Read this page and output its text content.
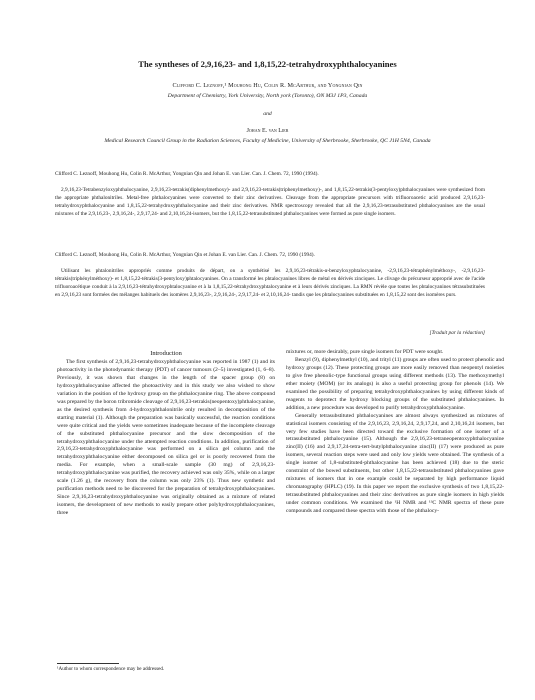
The syntheses of 2,9,16,23- and 1,8,15,22-tetrahydroxyphthalocyanines
Clifford C. Leznoff,¹ Mouhong Hu, Colin R. McArthur, and Yongnian Qin
Department of Chemistry, York University, North york (Toronto), ON M3J 1P3, Canada
and
Johan E. van Lier
Medical Research Council Group in the Radiation Sciences, Faculty of Medicine, University of Sherbrooke, Sherbrooke, QC J1H 5N4, Canada

Clifford C. Leznoff, Mouhong Hu, Colin R. McArthur, Yongnian Qin and Johan E. van Lier. Can. J. Chem. 72, 1990 (1994).

2,9,16,23-Tetrabenzyloxyphthalocyanine, 2,9,16,23-tetrakis(diphenylmethoxy)- and 2,9,16,23-tetrakis(triphenylmethoxy)-, and 1,8,15,22-tetrakis(3-pentyloxy)phthalocyanines were synthesized from the appropriate phthalonitriles. Metal-free phthalocyanines were converted to their zinc derivatives. Cleavage from the appropriate precursors with trifluoroacetic acid produced 2,9,16,23-tetrahydroxyphthalocyanine and 1,8,15,22-tetrahydroxyphthalocyanine and their zinc derivatives. NMR spectroscopy revealed that all the 2,9,16,23-tetrasubstituted phthalocyanines are the usual mixtures of the 2,9,16,23-, 2,9,16,24-, 2,9,17,24- and 2,10,16,24-isomers, but the 1,8,15,22-tetrasubstituted phthalocyanines were formed as pure single isomers.

Clifford C. Leznoff, Mouhong Hu, Colin R. McArthur, Yongnian Qin et Johan E. van Lier. Can. J. Chem. 72, 1990 (1994).

Utilisant les phtalonitriles appropriés comme produits de départ, on a synthétisé les 2,9,16,23-tétrakis-α-benzyloxyphtalocyanine, -2,9,16,23-tétraphénylméthoxy-, -2,9,16,23-tétrakis(triphénylméthoxy)- et 1,8,15,22-tétrakis(3-pentyloxy)phtalocyanines. On a transformé les phtalocyanines libres de métal en dérivés zinciques. Le clivage du précurseur approprié avec de l'acide trifluoroacétique conduit à la 2,9,16,23-tétrahydroxyphtalocyanine et à la 1,8,15,22-tétrahydroxyphtalocyanine et à leurs dérivés zinciques. La RMN révèle que toutes les phtalocyanines tétrasubstituées en 2,9,16,23 sont formées des mélanges habituels des isomères 2,9,16,23-, 2,9,16,24-, 2,9,17,24- et 2,10,16,24- tandis que les phtalocyanines substituées en 1,8,15,22 sont des isomères purs.

[Traduit par la rédaction]
Introduction

The first synthesis of 2,9,16,23-tetrahydroxyphthalocyanine was reported in 1987 (1) and its photoactivity in the photodynamic therapy (PDT) of cancer tumours (2–5) investigated (1, 6–8). Previously, it was shown that changes in the length of the spacer group (8) on hydroxyphthalocyanine affected the photoactivity and in this study we also wished to show variation in the position of the hydroxy group on the phthalocyanine ring. The above compound was prepared by the boron tribromide cleavage of 2,9,16,23-tetrakis(neopentoxy)phthalocyanine, as the desired synthesis from 4-hydroxyphthalonitrile only resulted in decomposition of the starting material (1). Although the preparation was basically successful, the reaction conditions were quite critical and the yields were sometimes inadequate because of the incomplete cleavage of the substituted phthalocyanine precursor and the slow decomposition of the tetrahydroxyphthalocyanine under the attempted reaction conditions. In addition, purification of 2,9,16,23-tetrahydroxyphthalocyanine was performed on a silica gel column and the tetrahydroxyphthalocyanine either decomposed on silica gel or is poorly recovered from the media. For example, when a small-scale sample (30 mg) of 2,9,16,23-tetrahydroxyphthalocyanine was purified, the recovery achieved was only 35%, while on a larger scale (1.26 g), the recovery from the column was only 23% (1). Thus new synthetic and purification methods need to be discovered for the preparation of tetrahydroxyphthalocyanines. Since 2,9,16,23-tetrahydroxyphthalocyanine was originally obtained as a mixture of related isomers, the development of new methods to easily prepare other polyhydroxyphthalocyanines, three

mixtures or, more desirably, pure single isomers for PDT were sought.

Benzyl (9), diphenylmethyl (10), and trityl (11) groups are often used to protect phenolic and hydroxy groups (12). These protecting groups are more easily removed than neopentyl moieties to give free phenolic-type functional groups using different methods (13). The methoxymethyl ether moiety (MOM) (or its analogs) is also a useful protecting group for phenols (14). We examined the possibility of preparing tetrahydroxyphthalocyanines by using different kinds of reagents to deprotect the hydroxy blocking groups of the substituted phthalocyanines. In addition, a new procedure was developed to purify tetrahydroxyphthalocyanine.

Generally tetrasubstituted phthalocyanines are almost always synthesized as mixtures of statistical isomers consisting of the 2,9,16,23, 2,9,16,24, 2,9,17,24, and 2,10,16,24 isomers, but very few studies have been directed toward the exclusive formation of one isomer of a tetrasubstituted phthalocyanine (15). Although the 2,9,16,23-tetraneopentoxyphthalocyanine zinc(II) (16) and 2,9,17,24-tetra-tert-butylphthalocyanine zinc(II) (17) were produced as pure isomers, several reaction steps were used and only low yields were obtained. The synthesis of a single isomer of 1,8-substituted-phthalocyanine has been achieved (18) due to the steric constraint of the bowed substituents, but other 1,8,15,22-tetrasubstituted phthalocyanines gave mixtures of isomers that in one example could be separated by high performance liquid chromatography (HPLC) (19). In this paper we report the exclusive synthesis of two 1,8,15,22-tetrasubstituted phthalocyanines and their zinc derivatives as pure single isomers in high yields under common conditions. We examined the ¹H NMR and ¹³C NMR spectra of these pure compounds and compared these spectra with those of the phthalocy-

¹Author to whom correspondence may be addressed.
